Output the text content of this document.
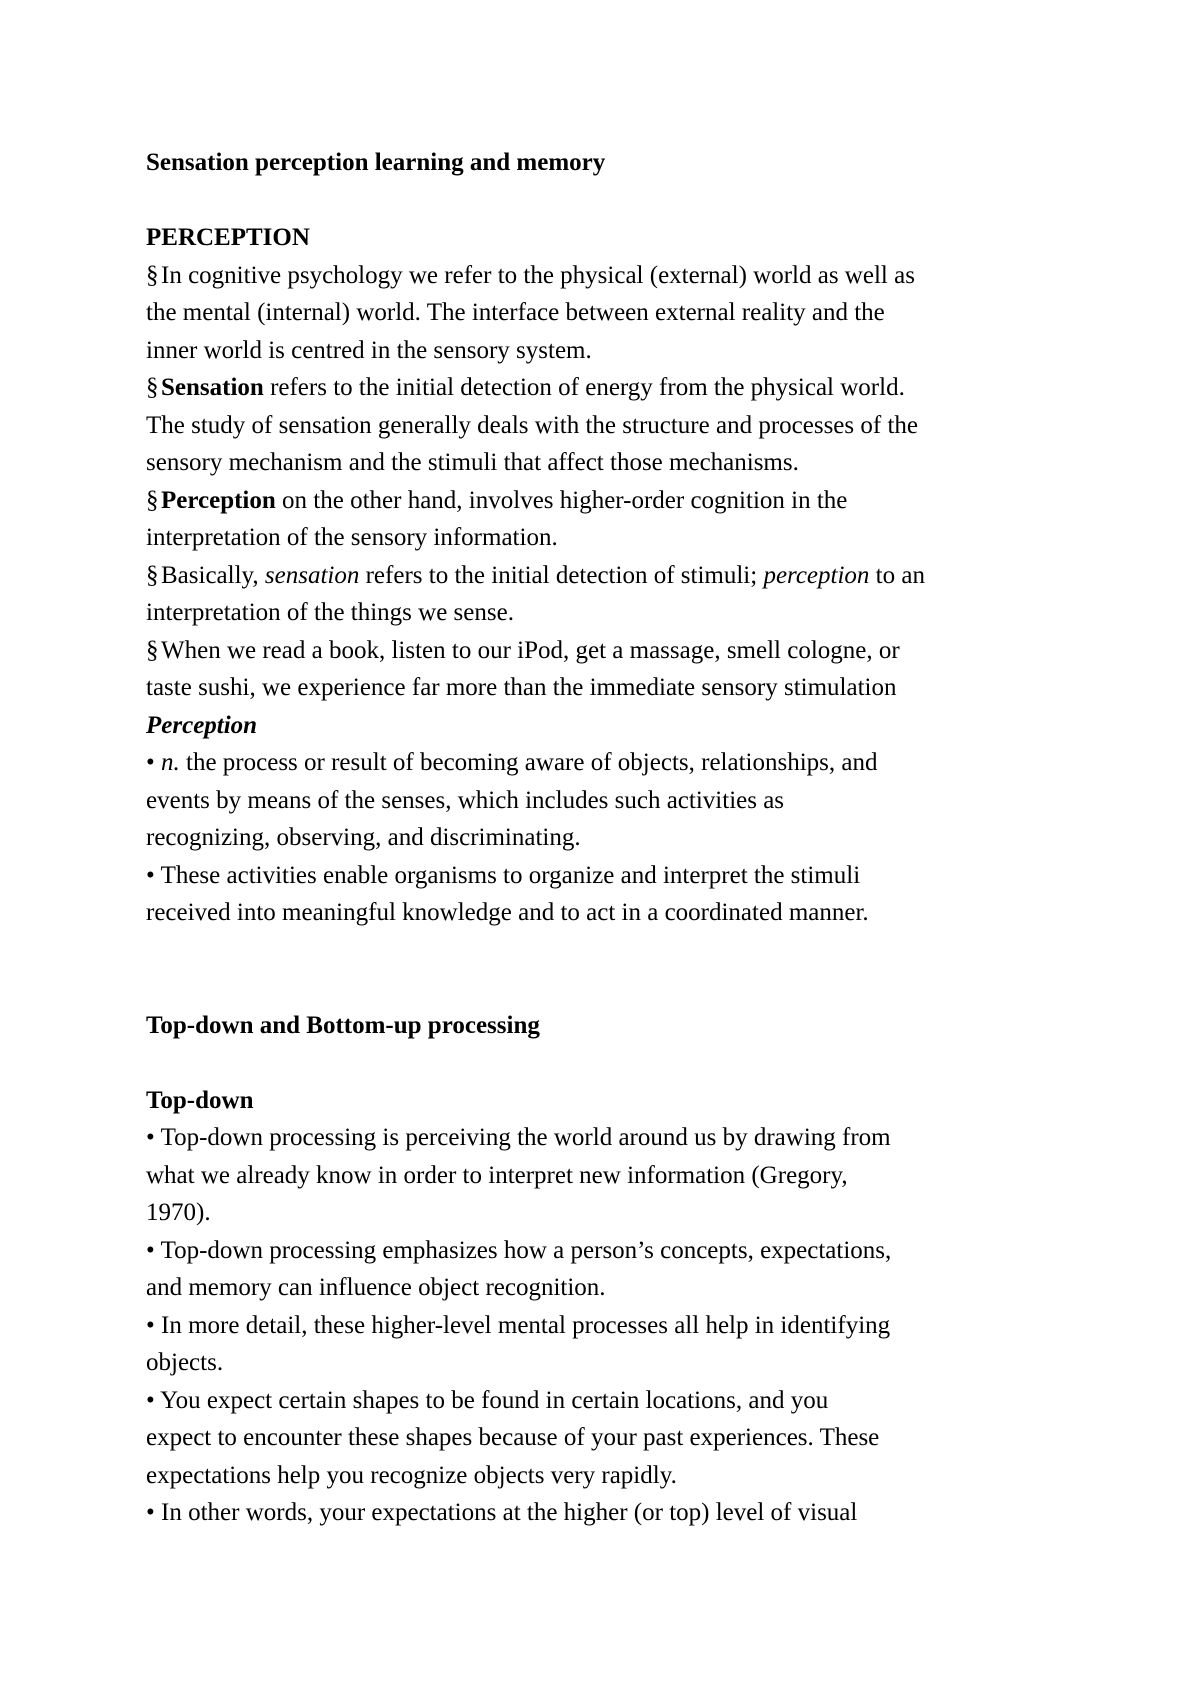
Sensation perception learning and memory

PERCEPTION

§ In cognitive psychology we refer to the physical (external) world as well as

the mental (internal) world. The interface between external reality and the

inner world is centred in the sensory system.

§ Sensation refers to the initial detection of energy from the physical world.

The study of sensation generally deals with the structure and processes of the

sensory mechanism and the stimuli that affect those mechanisms.

§ Perception on the other hand, involves higher-order cognition in the

interpretation of the sensory information.

§ Basically, sensation refers to the initial detection of stimuli; perception to an

interpretation of the things we sense.

§ When we read a book, listen to our iPod, get a massage, smell cologne, or

taste sushi, we experience far more than the immediate sensory stimulation

Perception

• n. the process or result of becoming aware of objects, relationships, and

events by means of the senses, which includes such activities as

recognizing, observing, and discriminating.

• These activities enable organisms to organize and interpret the stimuli

received into meaningful knowledge and to act in a coordinated manner.

Top-down and Bottom-up processing

Top-down

• Top-down processing is perceiving the world around us by drawing from

what we already know in order to interpret new information (Gregory,

1970).

• Top-down processing emphasizes how a person’s concepts, expectations,

and memory can influence object recognition.

• In more detail, these higher-level mental processes all help in identifying

objects.

• You expect certain shapes to be found in certain locations, and you

expect to encounter these shapes because of your past experiences. These

expectations help you recognize objects very rapidly.

• In other words, your expectations at the higher (or top) level of visual
